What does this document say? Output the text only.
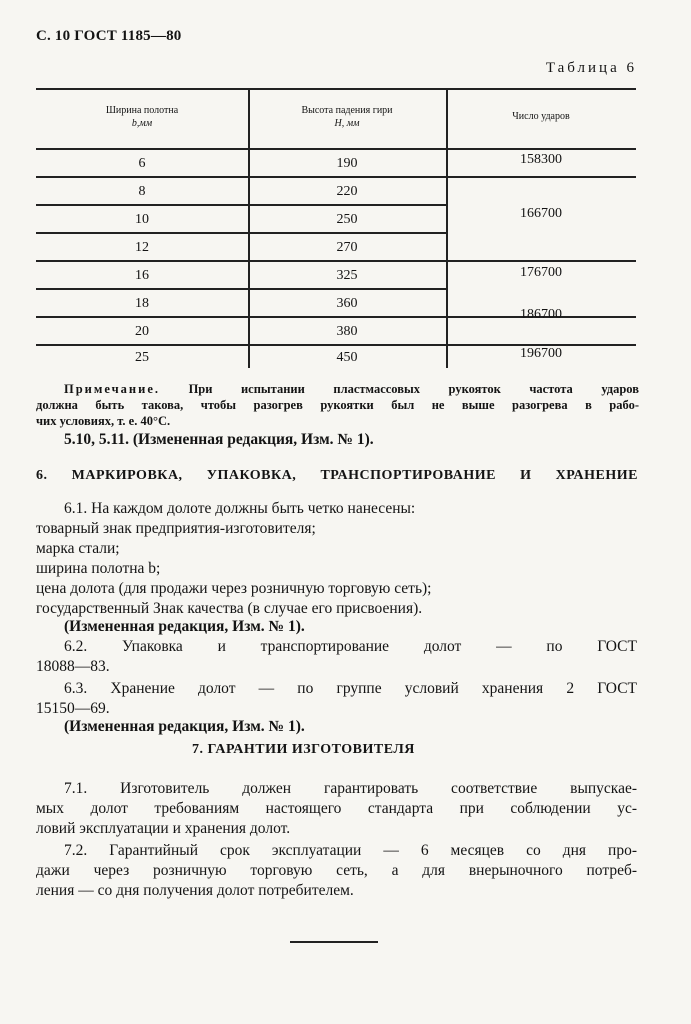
С. 10 ГОСТ 1185—80
Таблица 6
Ширина полотна
b,мм
Высота падения гири
H, мм
Число ударов
6
8
10
12
16
18
20
25
190
220
250
270
325
360
380
450
158300
166700
176700
186700
196700

Примечание. При испытании пластмассовых рукояток частота ударов

должна быть такова, чтобы разогрев рукоятки был не выше разогрева в рабо-

чих условиях, т. е. 40°С.

5.10, 5.11. (Измененная редакция, Изм. № 1).
6. МАРКИРОВКА, УПАКОВКА, ТРАНСПОРТИРОВАНИЕ И ХРАНЕНИЕ
6.1. На каждом долоте должны быть четко нанесены:
товарный знак предприятия-изготовителя;
марка стали;
ширина полотна b;
цена долота (для продажи через розничную торговую сеть);
государственный Знак качества (в случае его присвоения).
(Измененная редакция, Изм. № 1).
6.2. Упаковка и транспортирование долот — по ГОСТ
18088—83.
6.3. Хранение долот — по группе условий хранения 2 ГОСТ
15150—69.
(Измененная редакция, Изм. № 1).
7. ГАРАНТИИ ИЗГОТОВИТЕЛЯ
7.1. Изготовитель должен гарантировать соответствие выпускае-
мых долот требованиям настоящего стандарта при соблюдении ус-
ловий эксплуатации и хранения долот.
7.2. Гарантийный срок эксплуатации — 6 месяцев со дня про-
дажи через розничную торговую сеть, а для внерыночного потреб-
ления — со дня получения долот потребителем.
